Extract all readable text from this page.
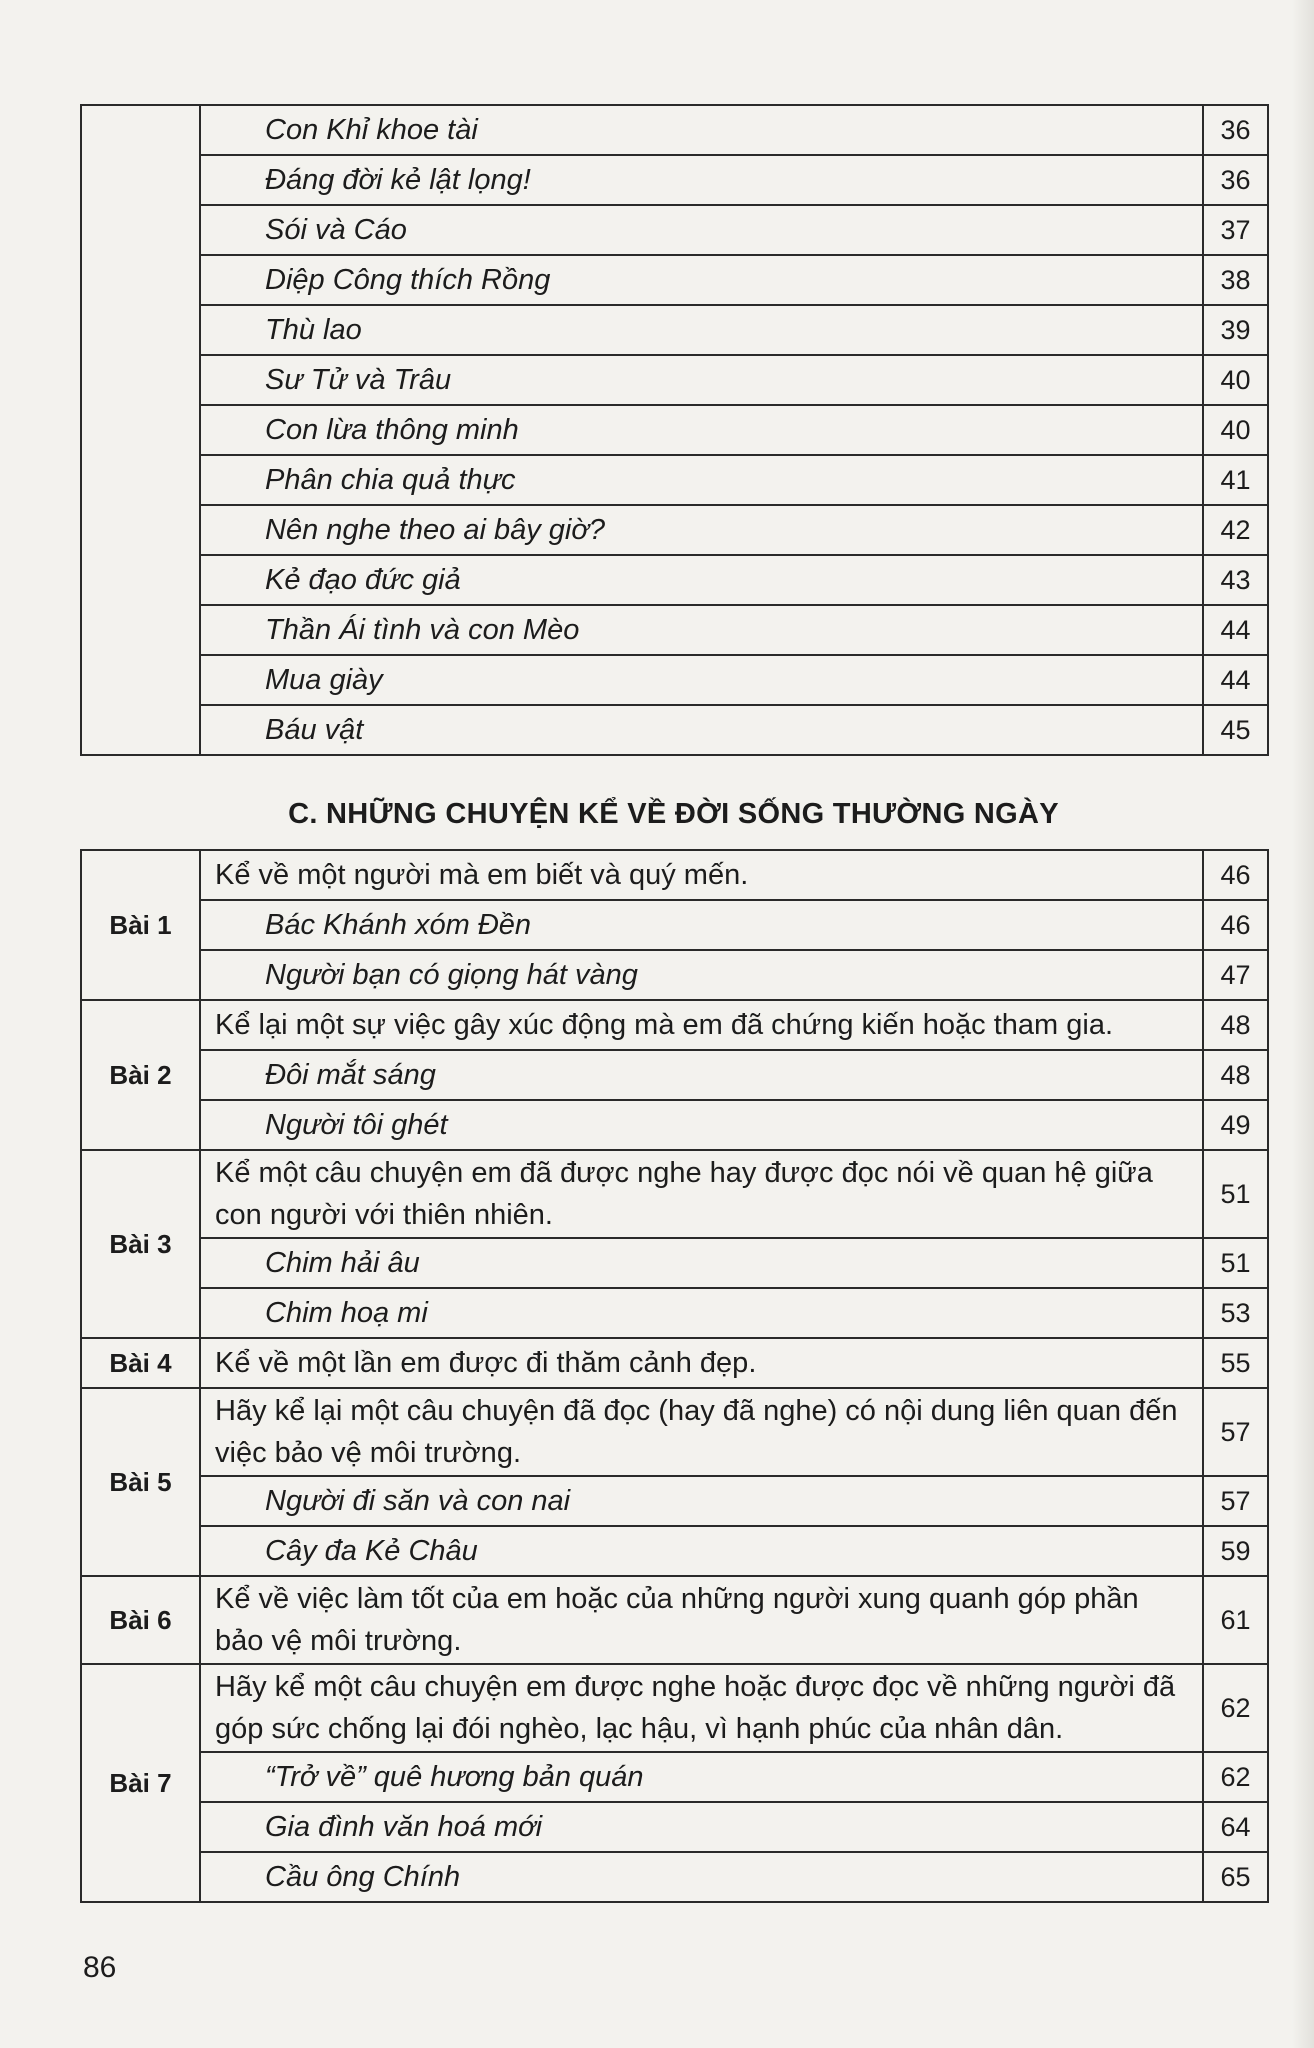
	Con Khỉ khoe tài	36
	Đáng đời kẻ lật lọng!	36
	Sói và Cáo	37
	Diệp Công thích Rồng	38
	Thù lao	39
	Sư Tử và Trâu	40
	Con lừa thông minh	40
	Phân chia quả thực	41
	Nên nghe theo ai bây giờ?	42
	Kẻ đạo đức giả	43
	Thần Ái tình và con Mèo	44
	Mua giày	44
	Báu vật	45
C. NHỮNG CHUYỆN KỂ VỀ ĐỜI SỐNG THƯỜNG NGÀY
Bài 1	Kể về một người mà em biết và quý mến.	46
	Bác Khánh xóm Đền	46
	Người bạn có giọng hát vàng	47
Bài 2	Kể lại một sự việc gây xúc động mà em đã chứng kiến hoặc tham gia.	48
	Đôi mắt sáng	48
	Người tôi ghét	49
Bài 3	Kể một câu chuyện em đã được nghe hay được đọc nói về quan hệ giữa con người với thiên nhiên.	51
	Chim hải âu	51
	Chim hoạ mi	53
Bài 4	Kể về một lần em được đi thăm cảnh đẹp.	55
Bài 5	Hãy kể lại một câu chuyện đã đọc (hay đã nghe) có nội dung liên quan đến việc bảo vệ môi trường.	57
	Người đi săn và con nai	57
	Cây đa Kẻ Châu	59
Bài 6	Kể về việc làm tốt của em hoặc của những người xung quanh góp phần bảo vệ môi trường.	61
Bài 7	Hãy kể một câu chuyện em được nghe hoặc được đọc về những người đã góp sức chống lại đói nghèo, lạc hậu, vì hạnh phúc của nhân dân.	62
	“Trở về” quê hương bản quán	62
	Gia đình văn hoá mới	64
	Cầu ông Chính	65
86
